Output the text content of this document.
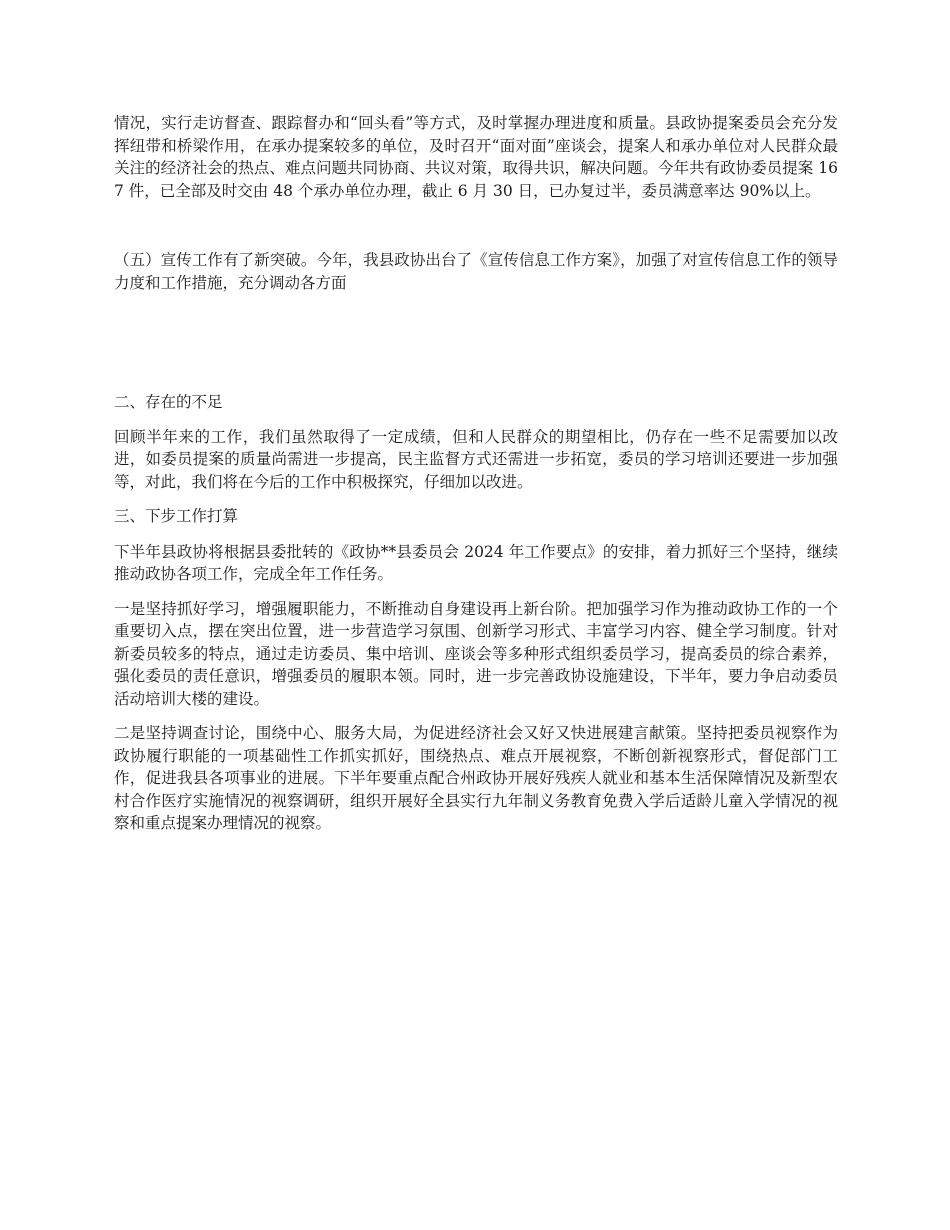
情况，实行走访督查、跟踪督办和“回头看”等方式，及时掌握办理进度和质量。县政协提案委员会充分发挥纽带和桥梁作用，在承办提案较多的单位，及时召开“面对面”座谈会，提案人和承办单位对人民群众最关注的经济社会的热点、难点问题共同协商、共议对策，取得共识，解决问题。今年共有政协委员提案 167 件，已全部及时交由 48 个承办单位办理，截止 6 月 30 日，已办复过半，委员满意率达 90%以上。

（五）宣传工作有了新突破。今年，我县政协出台了《宣传信息工作方案》，加强了对宣传信息工作的领导力度和工作措施，充分调动各方面

二、存在的不足

回顾半年来的工作，我们虽然取得了一定成绩，但和人民群众的期望相比，仍存在一些不足需要加以改进，如委员提案的质量尚需进一步提高，民主监督方式还需进一步拓宽，委员的学习培训还要进一步加强等，对此，我们将在今后的工作中积极探究，仔细加以改进。

三、下步工作打算

下半年县政协将根据县委批转的《政协**县委员会 2024 年工作要点》的安排，着力抓好三个坚持，继续推动政协各项工作，完成全年工作任务。

一是坚持抓好学习，增强履职能力，不断推动自身建设再上新台阶。把加强学习作为推动政协工作的一个重要切入点，摆在突出位置，进一步营造学习氛围、创新学习形式、丰富学习内容、健全学习制度。针对新委员较多的特点，通过走访委员、集中培训、座谈会等多种形式组织委员学习，提高委员的综合素养，强化委员的责任意识，增强委员的履职本领。同时，进一步完善政协设施建设，下半年，要力争启动委员活动培训大楼的建设。

二是坚持调查讨论，围绕中心、服务大局，为促进经济社会又好又快进展建言献策。坚持把委员视察作为政协履行职能的一项基础性工作抓实抓好，围绕热点、难点开展视察，不断创新视察形式，督促部门工作，促进我县各项事业的进展。下半年要重点配合州政协开展好残疾人就业和基本生活保障情况及新型农村合作医疗实施情况的视察调研，组织开展好全县实行九年制义务教育免费入学后适龄儿童入学情况的视察和重点提案办理情况的视察。
